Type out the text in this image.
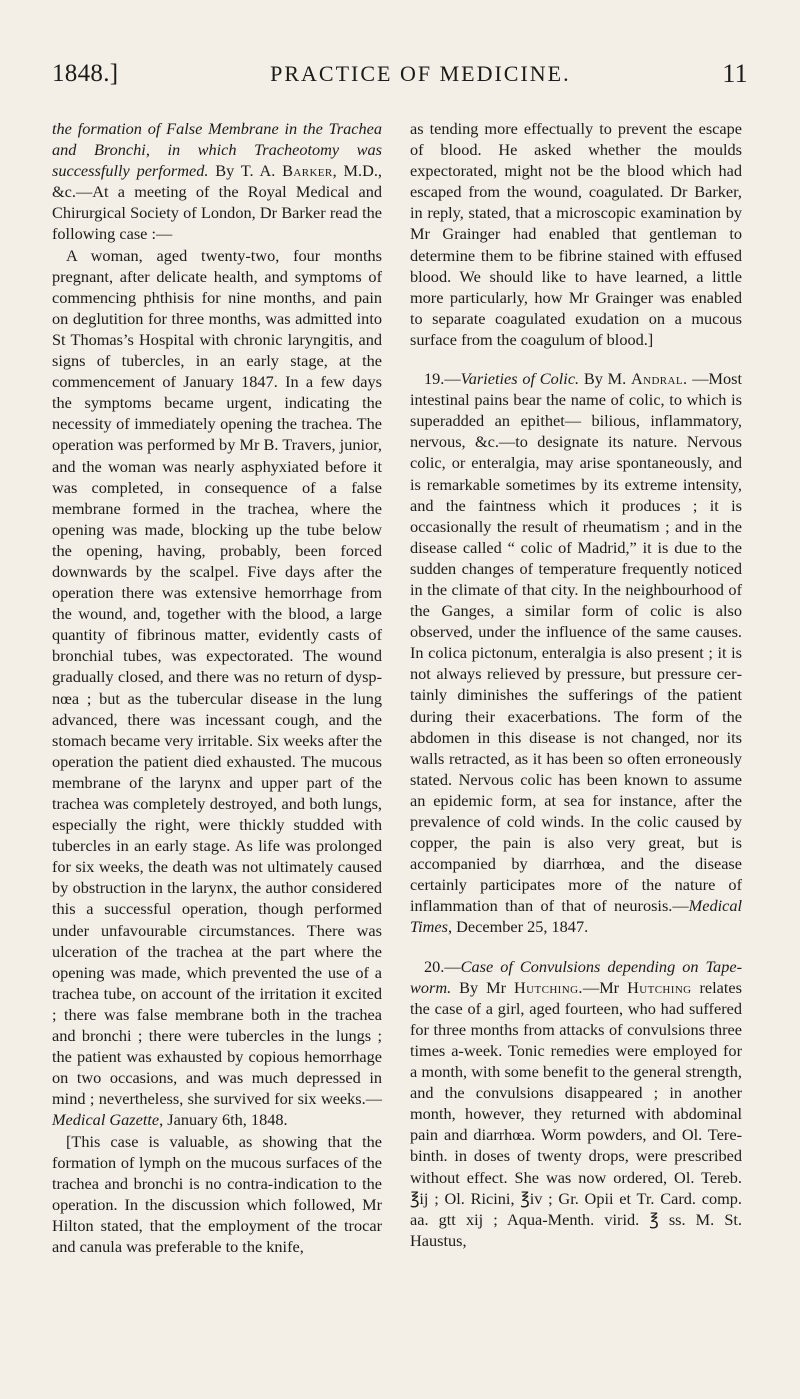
1848.]	PRACTICE OF MEDICINE.	11

the formation of False Membrane in the Trachea and Bronchi, in which Tracheotomy was successfully performed. By T. A. Barker, M.D., &c.—At a meeting of the Royal Medical and Chirurgical Society of London, Dr Barker read the following case :—

A woman, aged twenty-two, four months pregnant, after delicate health, and symptoms of commencing phthisis for nine months, and pain on deglutition for three months, was admitted into St Thomas’s Hospital with chronic laryngitis, and signs of tubercles, in an early stage, at the commencement of January 1847. In a few days the symptoms became urgent, indicating the necessity of immediately opening the trachea. The operation was performed by Mr B. Travers, junior, and the woman was nearly asphyxiated before it was completed, in consequence of a false membrane formed in the trachea, where the opening was made, blocking up the tube below the opening, having, probably, been forced downwards by the scalpel. Five days after the operation there was extensive hemorrhage from the wound, and, together with the blood, a large quantity of fibrinous matter, evidently casts of bronchial tubes, was expectorated. The wound gradually closed, and there was no return of dyspnœa ; but as the tubercular disease in the lung advanced, there was incessant cough, and the stomach became very irritable. Six weeks after the operation the patient died exhausted. The mucous membrane of the larynx and upper part of the trachea was completely destroyed, and both lungs, especially the right, were thickly studded with tubercles in an early stage. As life was prolonged for six weeks, the death was not ultimately caused by obstruction in the larynx, the author considered this a successful operation, though performed under unfavourable circumstances. There was ulceration of the trachea at the part where the opening was made, which prevented the use of a trachea tube, on account of the irritation it excited ; there was false membrane both in the trachea and bronchi ; there were tubercles in the lungs ; the patient was exhausted by copious hemorrhage on two occasions, and was much depressed in mind ; nevertheless, she survived for six weeks.—Medical Gazette, January 6th, 1848.

[This case is valuable, as showing that the formation of lymph on the mucous surfaces of the trachea and bronchi is no contra-indication to the operation. In the discussion which followed, Mr Hilton stated, that the employment of the trocar and canula was preferable to the knife,

as tending more effectually to prevent the escape of blood. He asked whether the moulds expectorated, might not be the blood which had escaped from the wound, coagulated. Dr Barker, in reply, stated, that a microscopic examination by Mr Grainger had enabled that gentleman to determine them to be fibrine stained with effused blood. We should like to have learned, a little more particularly, how Mr Grainger was enabled to separate coagulated exudation on a mucous surface from the coagulum of blood.]

19.—Varieties of Colic. By M. Andral. —Most intestinal pains bear the name of colic, to which is superadded an epithet— bilious, inflammatory, nervous, &c.—to designate its nature. Nervous colic, or enteralgia, may arise spontaneously, and is remarkable sometimes by its extreme intensity, and the faintness which it produces ; it is occasionally the result of rheumatism ; and in the disease called “ colic of Madrid,” it is due to the sudden changes of temperature frequently noticed in the climate of that city. In the neighbourhood of the Ganges, a similar form of colic is also observed, under the influence of the same causes. In colica pictonum, enteralgia is also present ; it is not always relieved by pressure, but pressure certainly diminishes the sufferings of the patient during their exacerbations. The form of the abdomen in this disease is not changed, nor its walls retracted, as it has been so often erroneously stated. Nervous colic has been known to assume an epidemic form, at sea for instance, after the prevalence of cold winds. In the colic caused by copper, the pain is also very great, but is accompanied by diarrhœa, and the disease certainly participates more of the nature of inflammation than of that of neurosis.—Medical Times, December 25, 1847.

20.—Case of Convulsions depending on Tape-worm. By Mr Hutching.—Mr Hutching relates the case of a girl, aged fourteen, who had suffered for three months from attacks of convulsions three times a-week. Tonic remedies were employed for a month, with some benefit to the general strength, and the convulsions disappeared ; in another month, however, they returned with abdominal pain and diarrhœa. Worm powders, and Ol. Terebinth. in doses of twenty drops, were prescribed without effect. She was now ordered, Ol. Tereb. ℥ij ; Ol. Ricini, ℥iv ; Gr. Opii et Tr. Card. comp. aa. gtt xij ; Aqua-Menth. virid. ℥ ss. M. St. Haustus,
